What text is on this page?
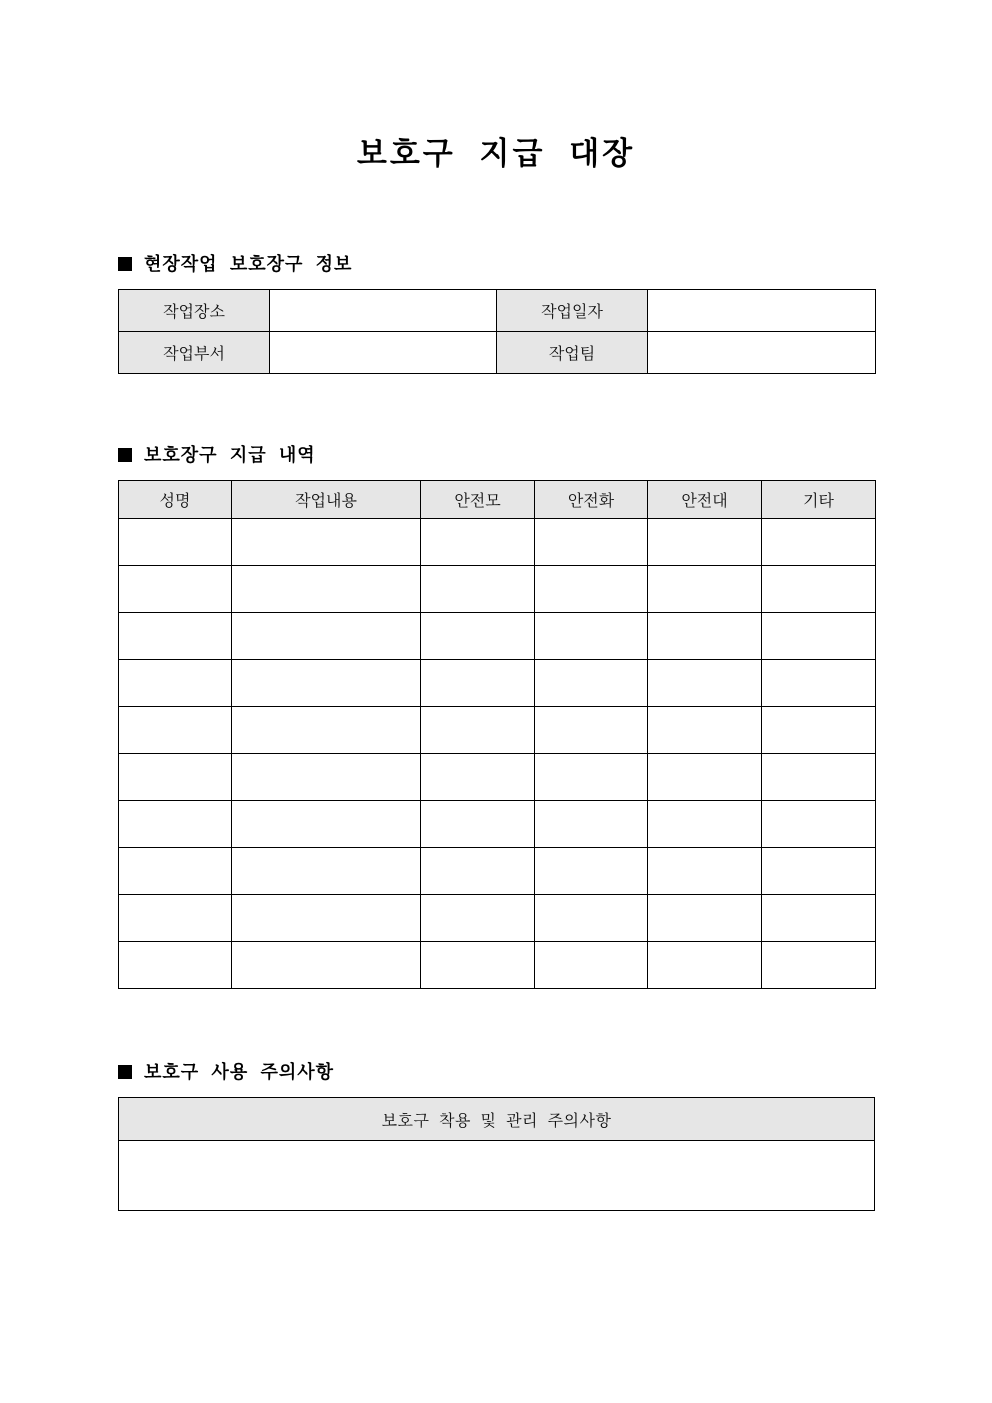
보호구 지급 대장
현장작업 보호장구 정보
작업장소		작업일자	
작업부서		작업팀	
보호장구 지급 내역
성명	작업내용	안전모	안전화	안전대	기타

보호구 사용 주의사항
보호구 착용 및 관리 주의사항
